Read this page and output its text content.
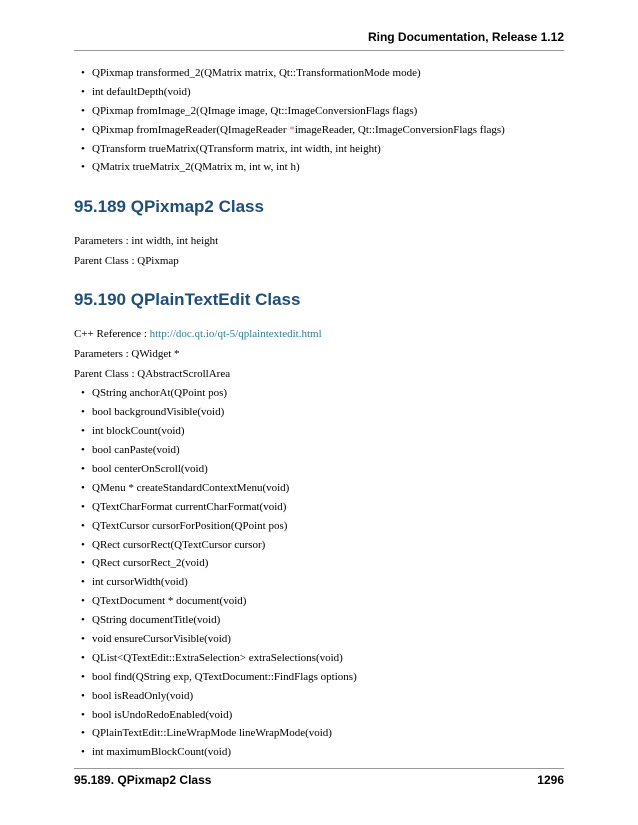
Ring Documentation, Release 1.12
• QPixmap transformed_2(QMatrix matrix, Qt::TransformationMode mode)
• int defaultDepth(void)
• QPixmap fromImage_2(QImage image, Qt::ImageConversionFlags flags)
• QPixmap fromImageReader(QImageReader *imageReader, Qt::ImageConversionFlags flags)
• QTransform trueMatrix(QTransform matrix, int width, int height)
• QMatrix trueMatrix_2(QMatrix m, int w, int h)
95.189 QPixmap2 Class

Parameters : int width, int height

Parent Class : QPixmap

95.190 QPlainTextEdit Class

C++ Reference : http://doc.qt.io/qt-5/qplaintextedit.html

Parameters : QWidget *

Parent Class : QAbstractScrollArea

• QString anchorAt(QPoint pos)
• bool backgroundVisible(void)
• int blockCount(void)
• bool canPaste(void)
• bool centerOnScroll(void)
• QMenu * createStandardContextMenu(void)
• QTextCharFormat currentCharFormat(void)
• QTextCursor cursorForPosition(QPoint pos)
• QRect cursorRect(QTextCursor cursor)
• QRect cursorRect_2(void)
• int cursorWidth(void)
• QTextDocument * document(void)
• QString documentTitle(void)
• void ensureCursorVisible(void)
• QList<QTextEdit::ExtraSelection> extraSelections(void)
• bool find(QString exp, QTextDocument::FindFlags options)
• bool isReadOnly(void)
• bool isUndoRedoEnabled(void)
• QPlainTextEdit::LineWrapMode lineWrapMode(void)
• int maximumBlockCount(void)
95.189. QPixmap2 Class	1296
